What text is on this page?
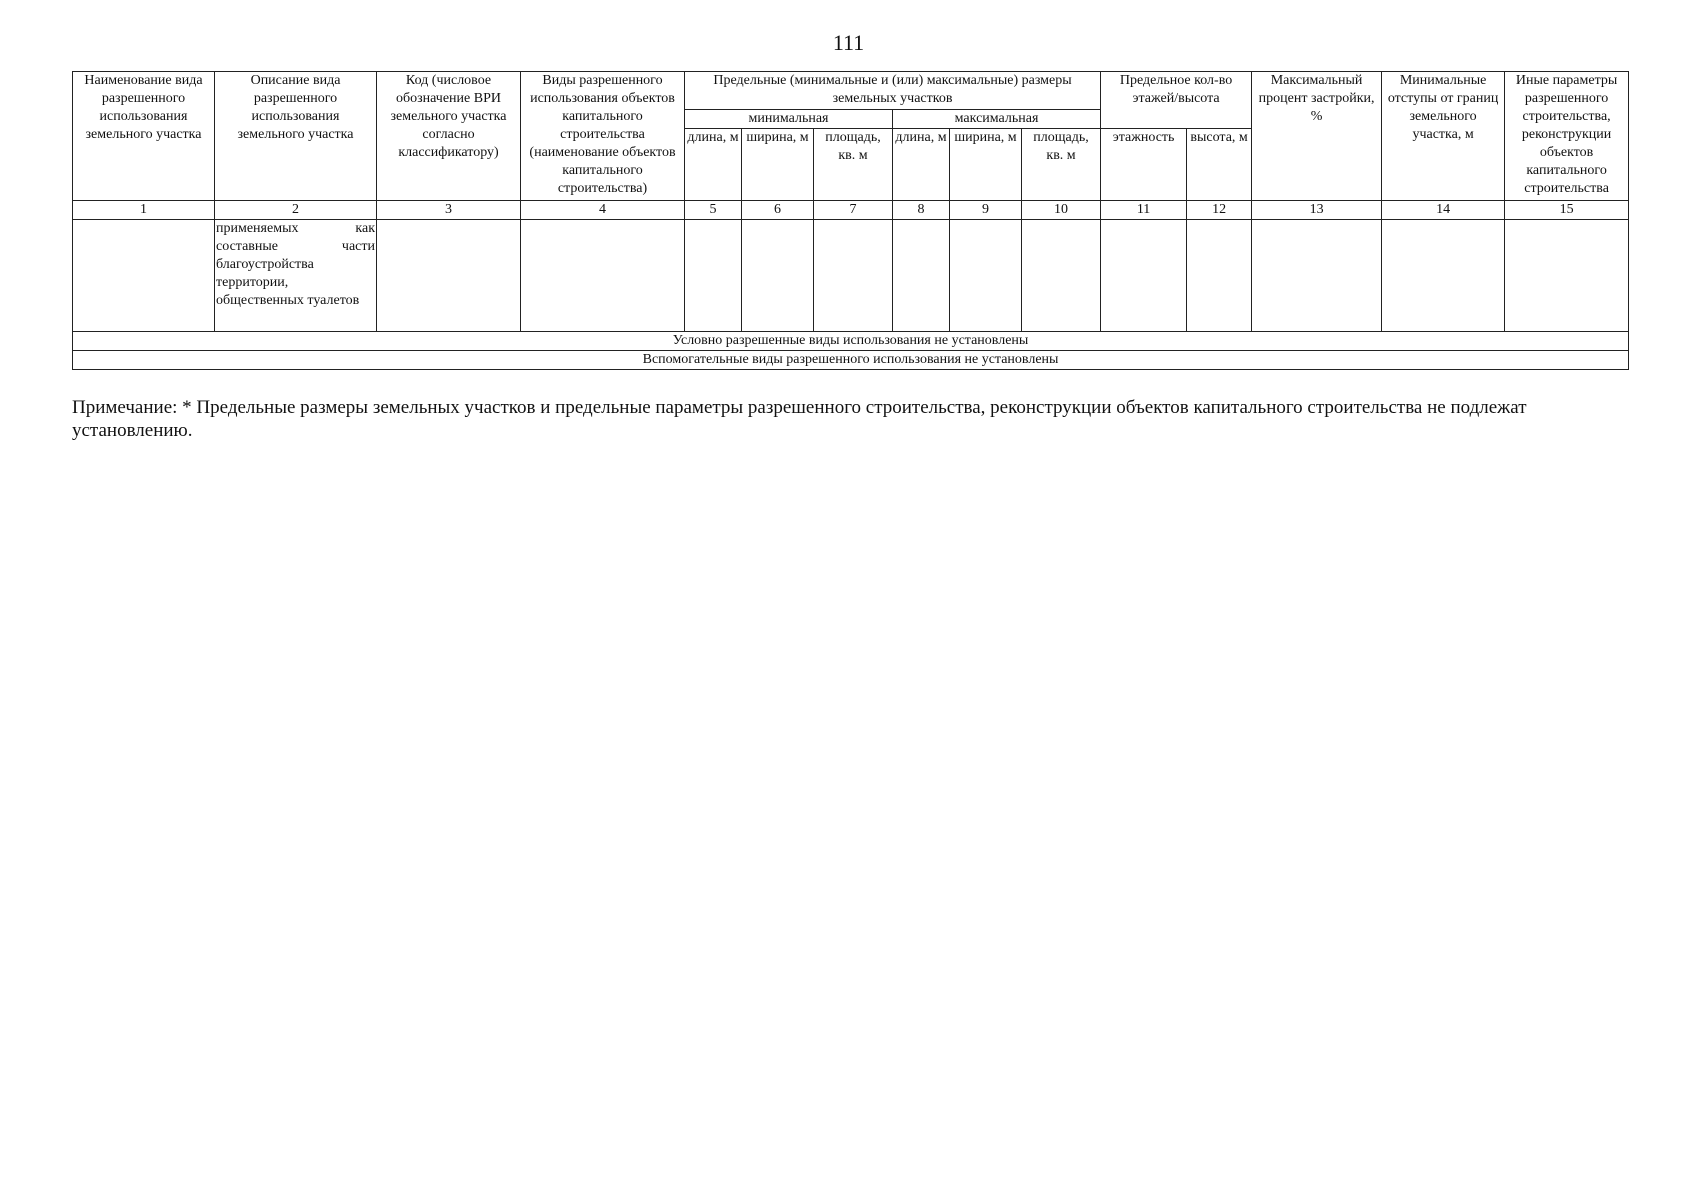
111
Наименование вида разрешенного использования земельного участка	Описание вида разрешенного использования земельного участка	Код (числовое обозначение ВРИ земельного участка согласно классификатору)	Виды разрешенного использования объектов капитального строительства (наименование объектов капитального строительства)	Предельные (минимальные и (или) максимальные) размеры земельных участков						Предельное кол-во этажей/высота		Максимальный процент застройки, %	Минимальные отступы от границ земельного участка, м	Иные параметры разрешенного строительства, реконструкции объектов капитального строительства
				минимальная			максимальная							
				длина, м	ширина, м	площадь, кв. м	длина, м	ширина, м	площадь, кв. м	этажность	высота, м			
1	2	3	4	5	6	7	8	9	10	11	12	13	14	15
	применяемых как составные части благоустройства территории, общественных туалетов													
Условно разрешенные виды использования не установлены														
Вспомогательные виды разрешенного использования не установлены														
Примечание: * Предельные размеры земельных участков и предельные параметры разрешенного строительства, реконструкции объектов капитального строительства не подлежат установлению.
